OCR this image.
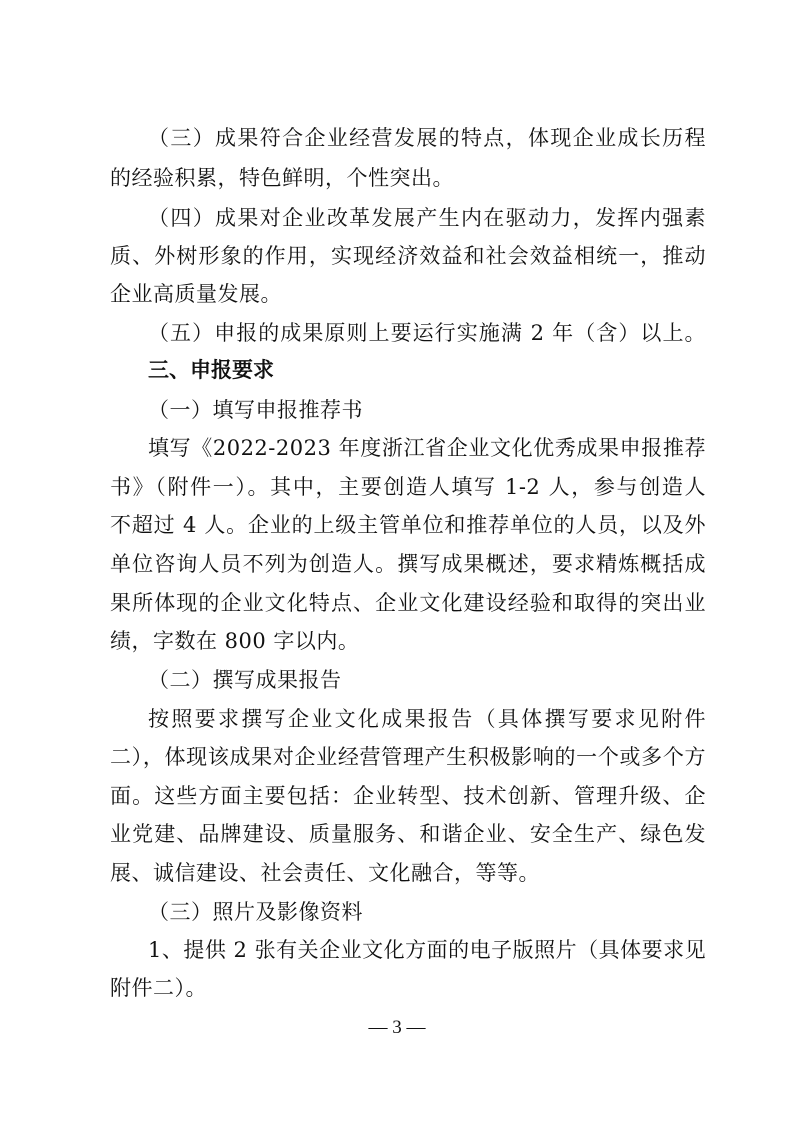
（三）成果符合企业经营发展的特点，体现企业成长历程
的经验积累，特色鲜明，个性突出。
（四）成果对企业改革发展产生内在驱动力，发挥内强素
质、外树形象的作用，实现经济效益和社会效益相统一，推动
企业高质量发展。
（五）申报的成果原则上要运行实施满 2 年（含）以上。
三、申报要求
（一）填写申报推荐书
填写《2022-2023 年度浙江省企业文化优秀成果申报推荐
书》（附件一）。其中，主要创造人填写 1-2 人，参与创造人
不超过 4 人。企业的上级主管单位和推荐单位的人员，以及外
单位咨询人员不列为创造人。撰写成果概述，要求精炼概括成
果所体现的企业文化特点、企业文化建设经验和取得的突出业
绩，字数在 800 字以内。
（二）撰写成果报告
按照要求撰写企业文化成果报告（具体撰写要求见附件
二），体现该成果对企业经营管理产生积极影响的一个或多个方
面。这些方面主要包括：企业转型、技术创新、管理升级、企
业党建、品牌建设、质量服务、和谐企业、安全生产、绿色发
展、诚信建设、社会责任、文化融合，等等。
（三）照片及影像资料
1、提供 2 张有关企业文化方面的电子版照片（具体要求见
附件二）。
— 3 —
